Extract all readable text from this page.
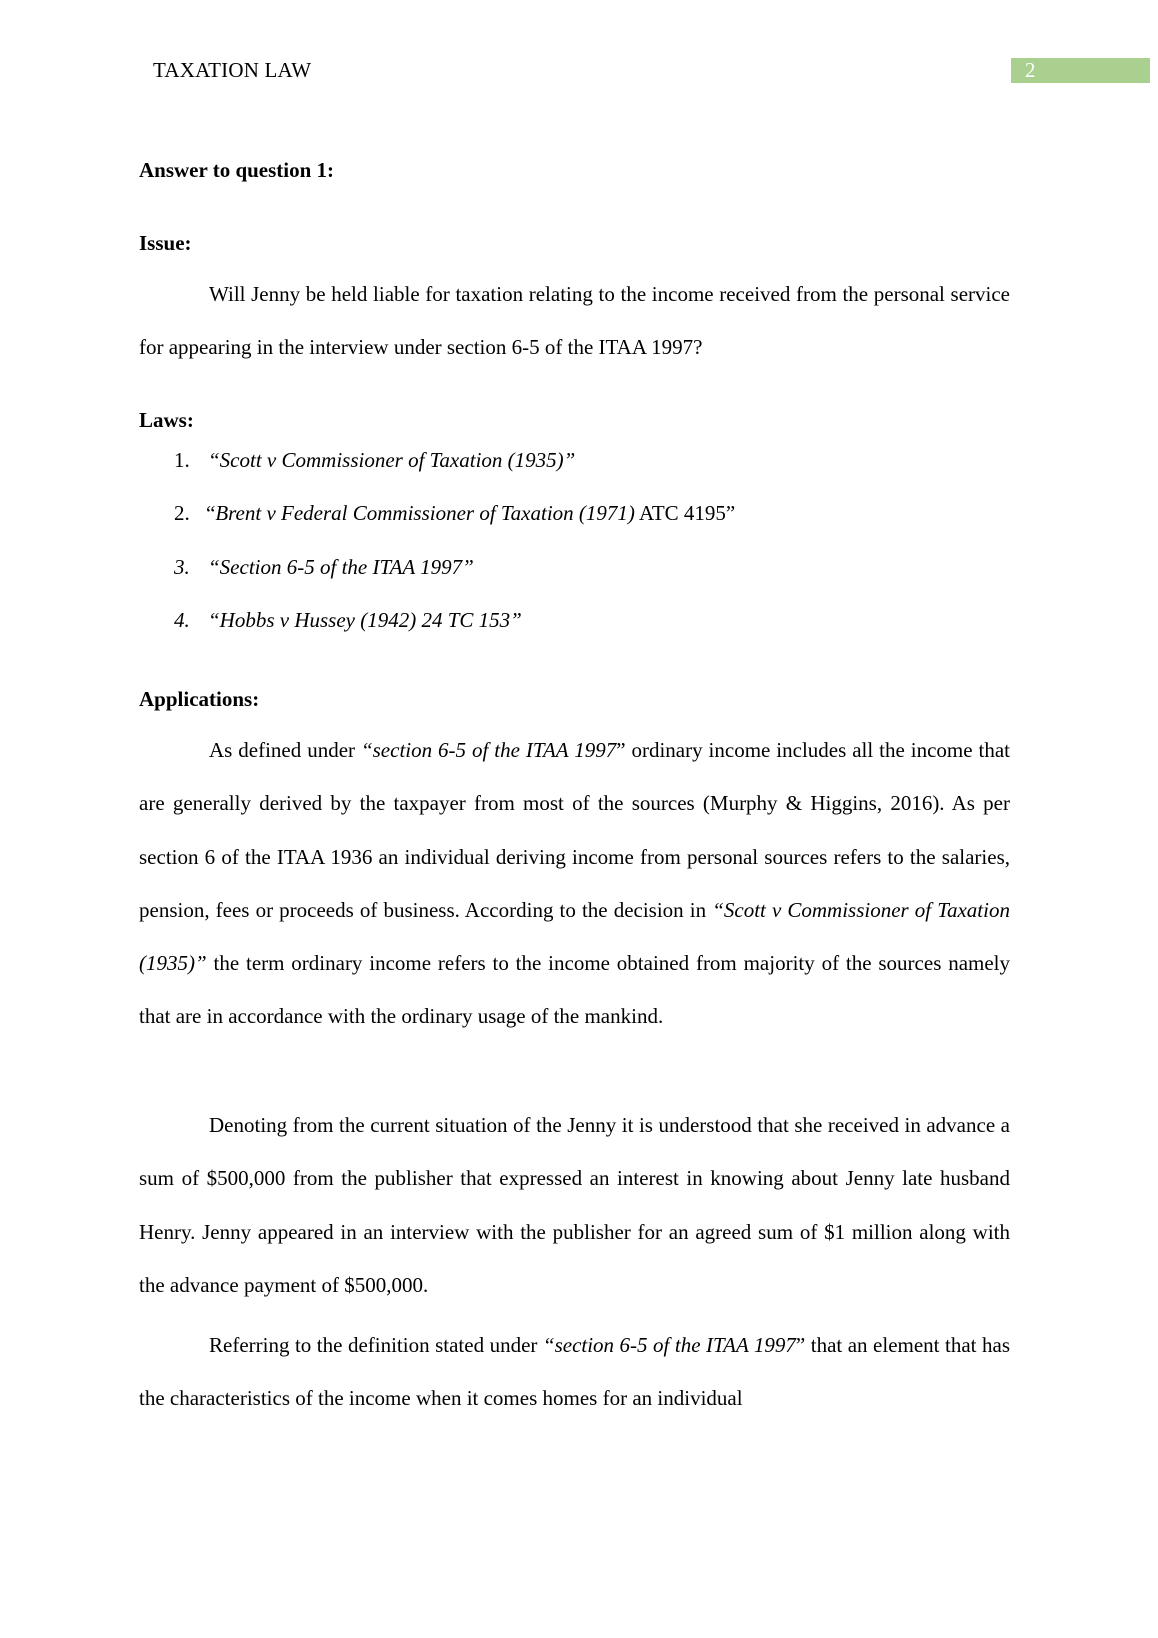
TAXATION LAW	2
Answer to question 1:
Issue:
Will Jenny be held liable for taxation relating to the income received from the personal service for appearing in the interview under section 6-5 of the ITAA 1997?
Laws:
1. “Scott v Commissioner of Taxation (1935)”
2. “Brent v Federal Commissioner of Taxation (1971) ATC 4195”
3. “Section 6-5 of the ITAA 1997”
4. “Hobbs v Hussey (1942) 24 TC 153”
Applications:
As defined under “section 6-5 of the ITAA 1997” ordinary income includes all the income that are generally derived by the taxpayer from most of the sources (Murphy & Higgins, 2016). As per section 6 of the ITAA 1936 an individual deriving income from personal sources refers to the salaries, pension, fees or proceeds of business. According to the decision in “Scott v Commissioner of Taxation (1935)” the term ordinary income refers to the income obtained from majority of the sources namely that are in accordance with the ordinary usage of the mankind.
Denoting from the current situation of the Jenny it is understood that she received in advance a sum of $500,000 from the publisher that expressed an interest in knowing about Jenny late husband Henry. Jenny appeared in an interview with the publisher for an agreed sum of $1 million along with the advance payment of $500,000.
Referring to the definition stated under “section 6-5 of the ITAA 1997” that an element that has the characteristics of the income when it comes homes for an individual
